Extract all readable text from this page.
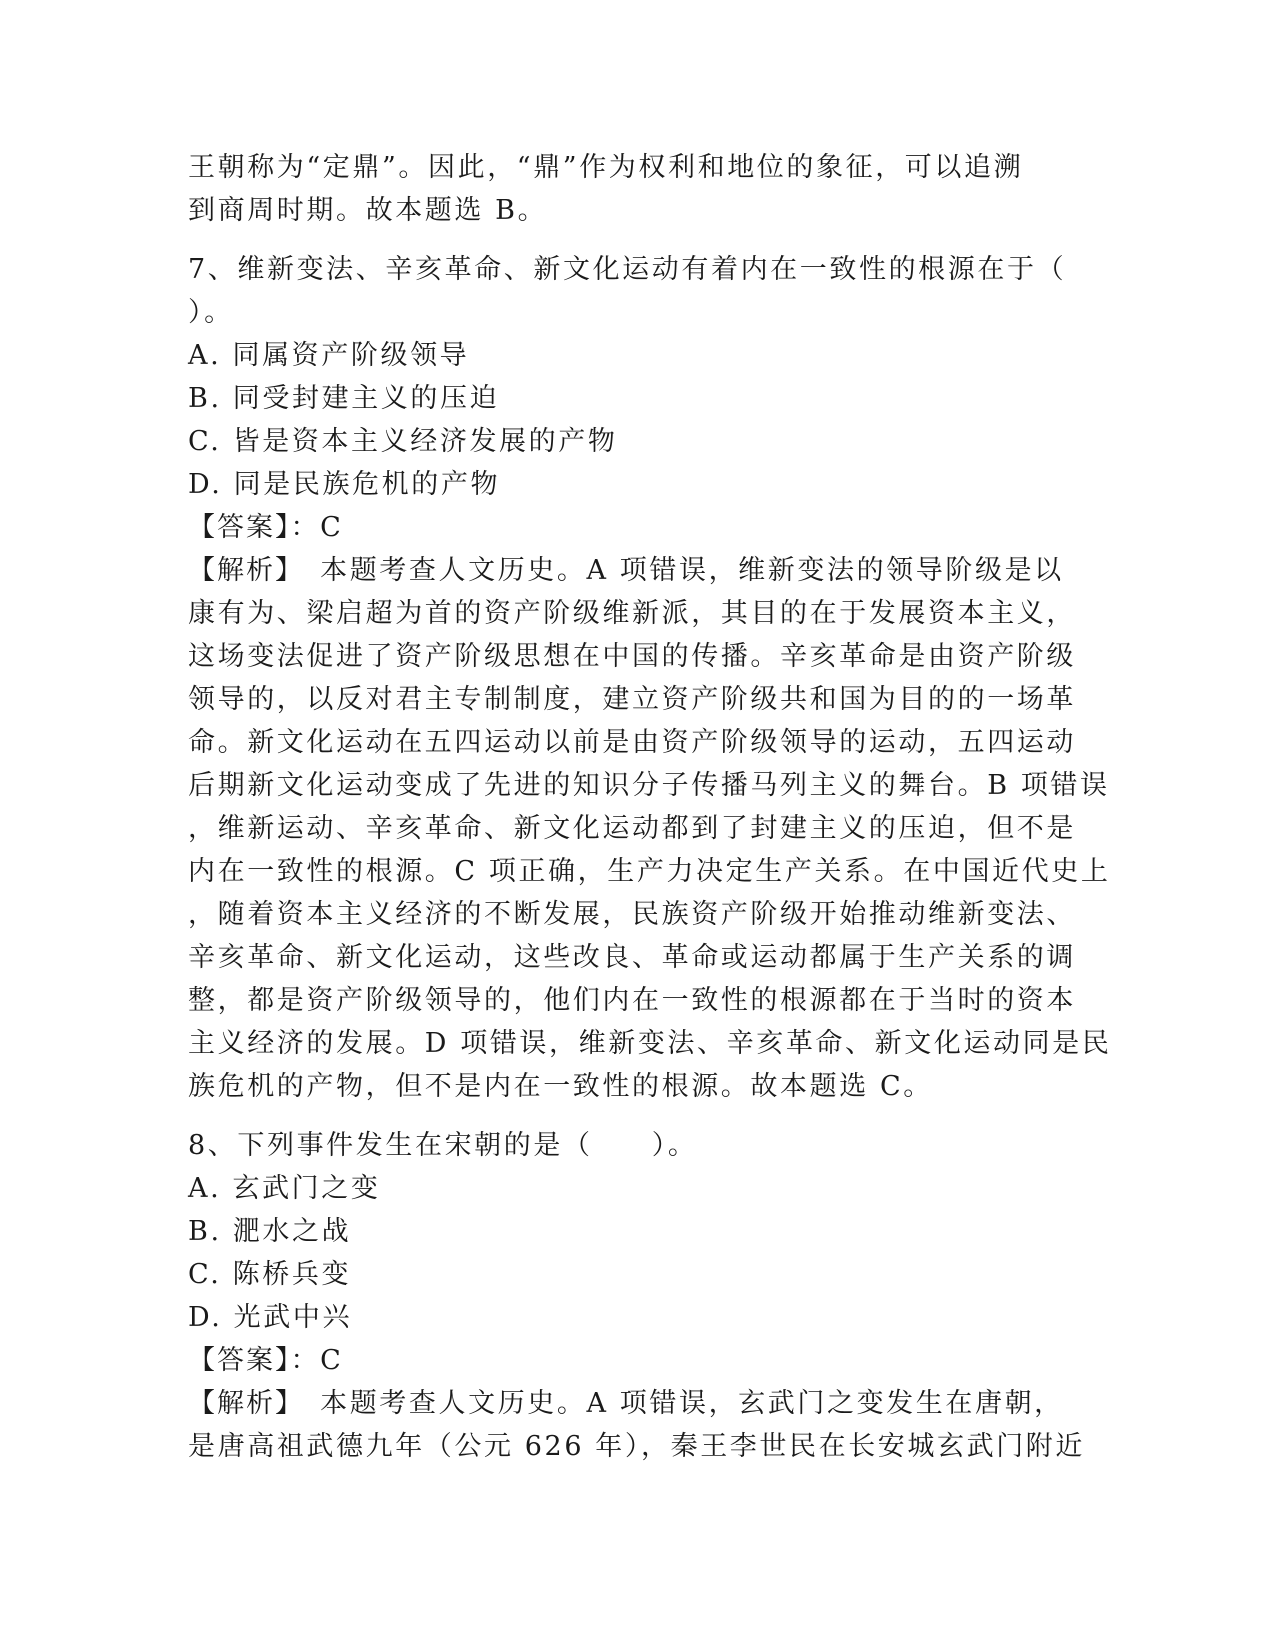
王朝称为“定鼎”。因此，“鼎”作为权利和地位的象征，可以追溯
到商周时期。故本题选 B。
7、维新变法、辛亥革命、新文化运动有着内在一致性的根源在于（
）。
A. 同属资产阶级领导
B. 同受封建主义的压迫
C. 皆是资本主义经济发展的产物
D. 同是民族危机的产物
【答案】：C
【解析】　本题考查人文历史。A 项错误，维新变法的领导阶级是以
康有为、梁启超为首的资产阶级维新派，其目的在于发展资本主义，
这场变法促进了资产阶级思想在中国的传播。辛亥革命是由资产阶级
领导的，以反对君主专制制度，建立资产阶级共和国为目的的一场革
命。新文化运动在五四运动以前是由资产阶级领导的运动，五四运动
后期新文化运动变成了先进的知识分子传播马列主义的舞台。B 项错误
，维新运动、辛亥革命、新文化运动都到了封建主义的压迫，但不是
内在一致性的根源。C 项正确，生产力决定生产关系。在中国近代史上
，随着资本主义经济的不断发展，民族资产阶级开始推动维新变法、
辛亥革命、新文化运动，这些改良、革命或运动都属于生产关系的调
整，都是资产阶级领导的，他们内在一致性的根源都在于当时的资本
主义经济的发展。D 项错误，维新变法、辛亥革命、新文化运动同是民
族危机的产物，但不是内在一致性的根源。故本题选 C。
8、下列事件发生在宋朝的是（　　）。
A. 玄武门之变
B. 淝水之战
C. 陈桥兵变
D. 光武中兴
【答案】：C
【解析】　本题考查人文历史。A 项错误，玄武门之变发生在唐朝，
是唐高祖武德九年（公元 626 年），秦王李世民在长安城玄武门附近
